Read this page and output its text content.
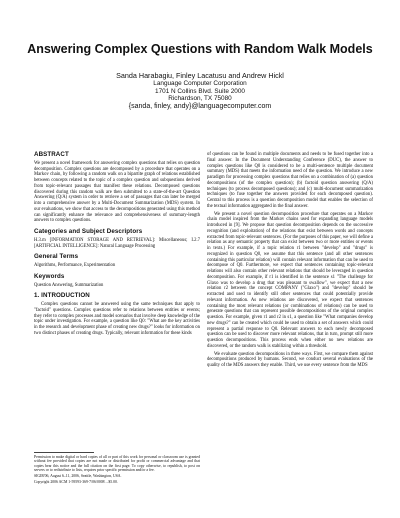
Answering Complex Questions with Random Walk Models
Sanda Harabagiu, Finley Lacatusu and Andrew Hickl
Language Computer Corporation
1701 N Collins Blvd. Suite 2000
Richardson, TX 75080
{sanda, finley, andy}@languagecomputer.com
ABSTRACT

We present a novel framework for answering complex questions that relies on question decomposition. Complex questions are decomposed by a procedure that operates on a Markov chain, by following a random walk on a bipartite graph of relations established between concepts related to the topic of a complex question and subquestions derived from topic-relevant passages that manifest these relations. Decomposed questions discovered during this random walk are then submitted to a state-of-the-art Question Answering (Q/A) system in order to retrieve a set of passages that can later be merged into a comprehensive answer by a Multi-Document Summarization (MDS) system. In our evaluations, we show that access to the decompositions generated using this method can significantly enhance the relevance and comprehensiveness of summary-length answers to complex questions.

Categories and Subject Descriptors

H.3.m [INFORMATION STORAGE AND RETRIEVAL]: Miscellaneous; I.2.7 [ARTIFICIAL INTELLIGENCE]: Natural Language Processing

General Terms

Algorithms, Performance, Experimentation

Keywords

Question Answering, Summarization

1. INTRODUCTION

Complex questions cannot be answered using the same techniques that apply to "factoid" questions. Complex questions refer to relations between entities or events; they refer to complex processes and model scenarios that involve deep knowledge of the topic under investigation. For example, a question like Q0: "What are the key activities in the research and development phase of creating new drugs?" looks for information on two distinct phases of creating drugs. Typically, relevant information for these kinds

Permission to make digital or hard copies of all or part of this work for personal or classroom use is granted without fee provided that copies are not made or distributed for profit or commercial advantage and that copies bear this notice and the full citation on the first page. To copy otherwise, to republish, to post on servers or to redistribute to lists, requires prior specific permission and/or a fee.

SIGIR'06, August 6–11, 2006, Seattle, Washington, USA.

Copyright 2006 ACM 1-59593-369-7/06/0008 ...$5.00.

of questions can be found in multiple documents and needs to be fused together into a final answer. In the Document Understanding Conference (DUC), the answer to complex questions like Q0 is considered to be a multi-sentence multiple document summary (MDS) that meets the information need of the question. We introduce a new paradigm for processing complex questions that relies on a combination of (a) question decompositions (of the complex question); (b) factoid question answering (Q/A) techniques (to process decomposed questions); and (c) multi-document summarization techniques (to fuse together the answers provided for each decomposed question). Central to this process is a question decomposition model that enables the selection of the textual information aggregated in the final answer.

We present a novel question decomposition procedure that operates on a Markov chain model inspired from the Markov chains used for expanding language models introduced in [9]. We propose that question decomposition depends on the successive recognition (and exploitation) of the relations that exist between words and concepts extracted from topic-relevant sentences. (For the purposes of this paper, we will define a relation as any semantic property that can exist between two or more entities or events in texts.) For example, if a topic relation r1 between "develop" and "drugs" is recognized in question Q0, we assume that this sentence (and all other sentences containing this particular relation) will contain relevant information that can be used to decompose of Q0. Furthermore, we expect that sentences containing topic-relevant relations will also contain other relevant relations that should be leveraged in question decomposition. For example, if r1 is identified in the sentence s1 "The challenge for Glaxo was to develop a drug that was pleasant to swallow", we expect that a new relation r2 between the concept COMPANY ("Glaxo") and "develop" should be extracted and used to identify still other sentences that could potentially provide relevant information. As new relations are discovered, we expect that sentences containing the most relevant relations (or combinations of relations) can be used to generate questions that can represent possible decompositions of the original complex question. For example, given r1 and r2 in s1, a question like "What companies develop new drugs?" can be created which could be used to obtain a set of answers which could represent a partial response to Q0. Relevant answers to each newly decomposed question can be used to discover more relevant relations, that in turn, prompt still more question decompositions. This process ends when either no new relations are discovered, or the random walk is stabilizing within a threshold.

We evaluate question decompositions in three ways. First, we compare them against decompositions produced by humans. Second, we conduct several evaluations of the quality of the MDS answers they enable. Third, we use every sentence from the MDS
